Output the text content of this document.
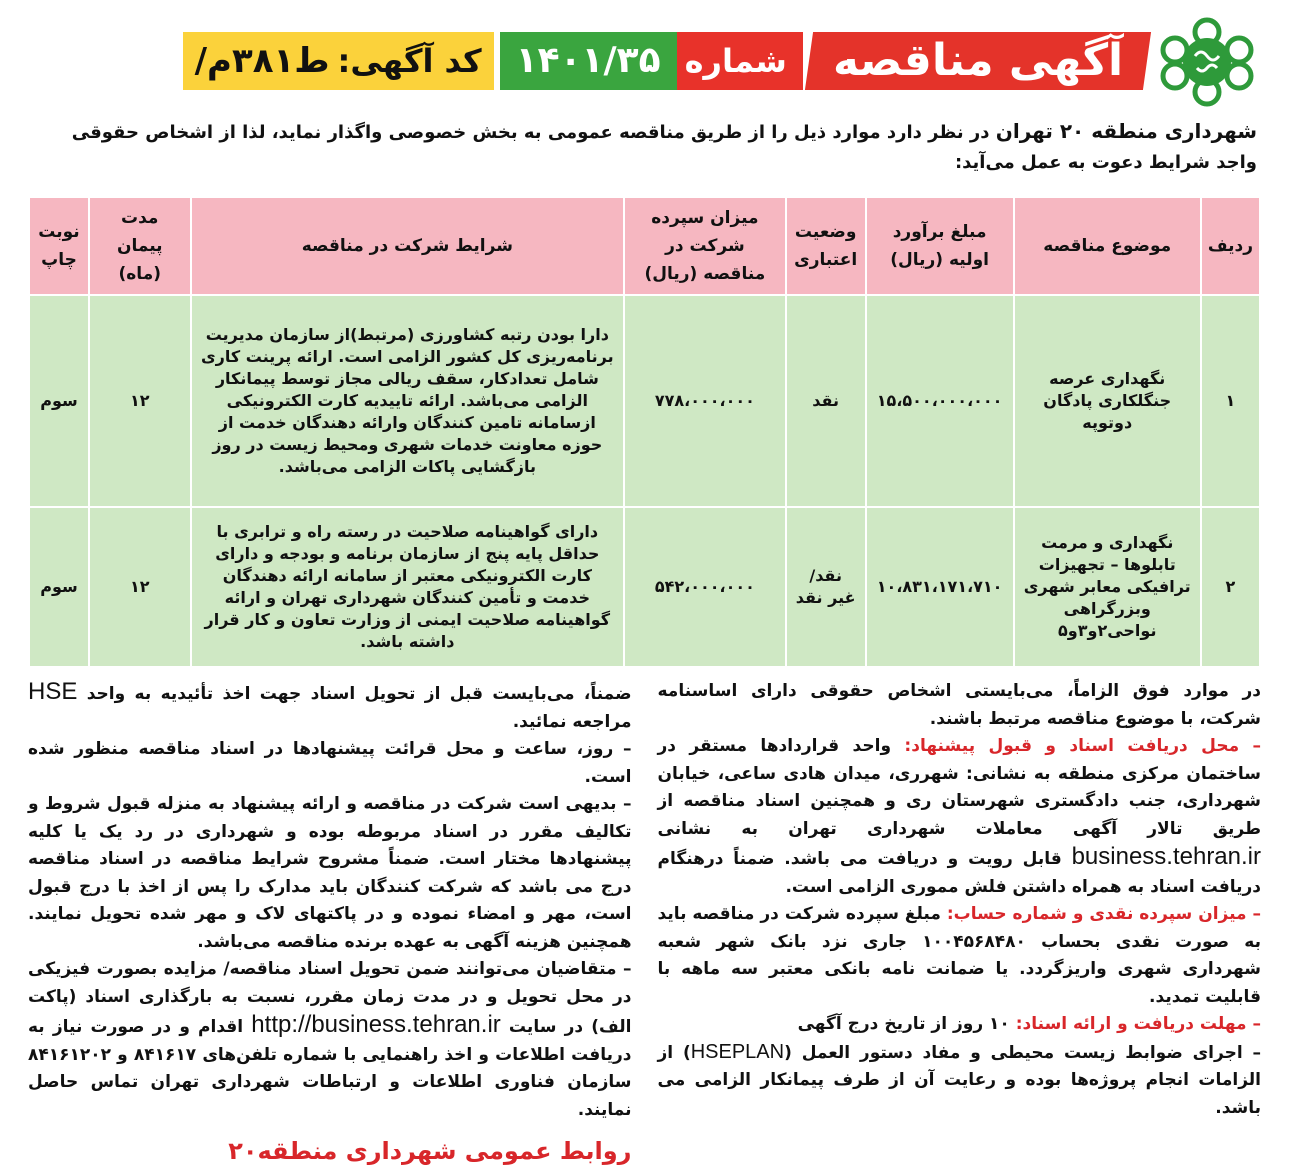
آگهی مناقصه
شماره
۱۴۰۱/۳۵
کد آگهی:
ط۳۸۱م/
شهرداری منطقه ۲۰ تهران در نظر دارد موارد ذیل را از طریق مناقصه عمومی به بخش خصوصی واگذار نماید، لذا از اشخاص حقوقی واجد شرایط دعوت به عمل می‌آید:
ردیف	موضوع مناقصه	مبلغ برآورد اولیه (ریال)	وضعیت اعتباری	میزان سپرده شرکت در مناقصه (ریال)	شرایط شرکت در مناقصه	مدت پیمان (ماه)	نوبت چاپ
۱	نگهداری عرصه جنگلکاری پادگان دوتوپه	۱۵،۵۰۰،۰۰۰،۰۰۰	نقد	۷۷۸،۰۰۰،۰۰۰	دارا بودن رتبه کشاورزی (مرتبط)از سازمان مدیریت برنامه‌ریزی کل کشور الزامی است. ارائه پرینت کاری شامل تعدادکار، سقف ریالی مجاز توسط پیمانکار الزامی می‌باشد. ارائه تاییدیه کارت الکترونیکی ازسامانه تامین کنندگان وارائه دهندگان خدمت از حوزه معاونت خدمات شهری ومحیط زیست در روز بازگشایی پاکات الزامی می‌باشد.	۱۲	سوم
۲	نگهداری و مرمت تابلوها – تجهیزات ترافیکی معابر شهری وبزرگراهی نواحی۲و۳و۵	۱۰،۸۳۱،۱۷۱،۷۱۰	نقد/ غیر نقد	۵۴۲،۰۰۰،۰۰۰	دارای گواهینامه صلاحیت در رسته راه و ترابری با حداقل پایه پنج از سازمان برنامه و بودجه و دارای کارت الکترونیکی معتبر از سامانه ارائه دهندگان خدمت و تأمین کنندگان شهرداری تهران و ارائه گواهینامه صلاحیت ایمنی از وزارت تعاون و کار قرار داشته باشد.	۱۲	سوم

در موارد فوق الزاماً، می‌بایستی اشخاص حقوقی دارای اساسنامه شرکت، با موضوع مناقصه مرتبط باشند.

– محل دریافت اسناد و قبول پیشنهاد: واحد قراردادها مستقر در ساختمان مرکزی منطقه به نشانی: شهرری، میدان هادی ساعی، خیابان شهرداری، جنب دادگستری شهرستان ری و همچنین اسناد مناقصه از طریق تالار آگهی معاملات شهرداری تهران به نشانی business.tehran.ir قابل رویت و دریافت می باشد. ضمناً درهنگام دریافت اسناد به همراه داشتن فلش مموری الزامی است.

– میزان سپرده نقدی و شماره حساب: مبلغ سپرده شرکت در مناقصه باید به صورت نقدی بحساب ۱۰۰۴۵۶۸۴۸۰ جاری نزد بانک شهر شعبه شهرداری شهری واریزگردد. یا ضمانت نامه بانکی معتبر سه ماهه با قابلیت تمدید.

– مهلت دریافت و ارائه اسناد: ۱۰ روز از تاریخ درج آگهی

– اجرای ضوابط زیست محیطی و مفاد دستور العمل (HSEPLAN) از الزامات انجام پروژه‌ها بوده و رعایت آن از طرف پیمانکار الزامی می باشد.

ضمناً، می‌بایست قبل از تحویل اسناد جهت اخذ تأئیدیه به واحد HSE مراجعه نمائید.

– روز، ساعت و محل قرائت پیشنهادها در اسناد مناقصه منظور شده است.

– بدیهی است شرکت در مناقصه و ارائه پیشنهاد به منزله قبول شروط و تکالیف مقرر در اسناد مربوطه بوده و شهرداری در رد یک یا کلیه پیشنهادها مختار است. ضمناً مشروح شرایط مناقصه در اسناد مناقصه درج می باشد که شرکت کنندگان باید مدارک را پس از اخذ با درج قبول است، مهر و امضاء نموده و در پاکتهای لاک و مهر شده تحویل نمایند. همچنین هزینه آگهی به عهده برنده مناقصه می‌باشد.

– متقاضیان می‌توانند ضمن تحویل اسناد مناقصه/ مزایده بصورت فیزیکی در محل تحویل و در مدت زمان مقرر، نسبت به بارگذاری اسناد (پاکت الف) در سایت http://business.tehran.ir اقدام و در صورت نیاز به دریافت اطلاعات و اخذ راهنمایی با شماره تلفن‌های ۸۴۱۶۱۷ و ۸۴۱۶۱۲۰۲ سازمان فناوری اطلاعات و ارتباطات شهرداری تهران تماس حاصل نمایند.

روابط عمومی شهرداری منطقه۲۰
